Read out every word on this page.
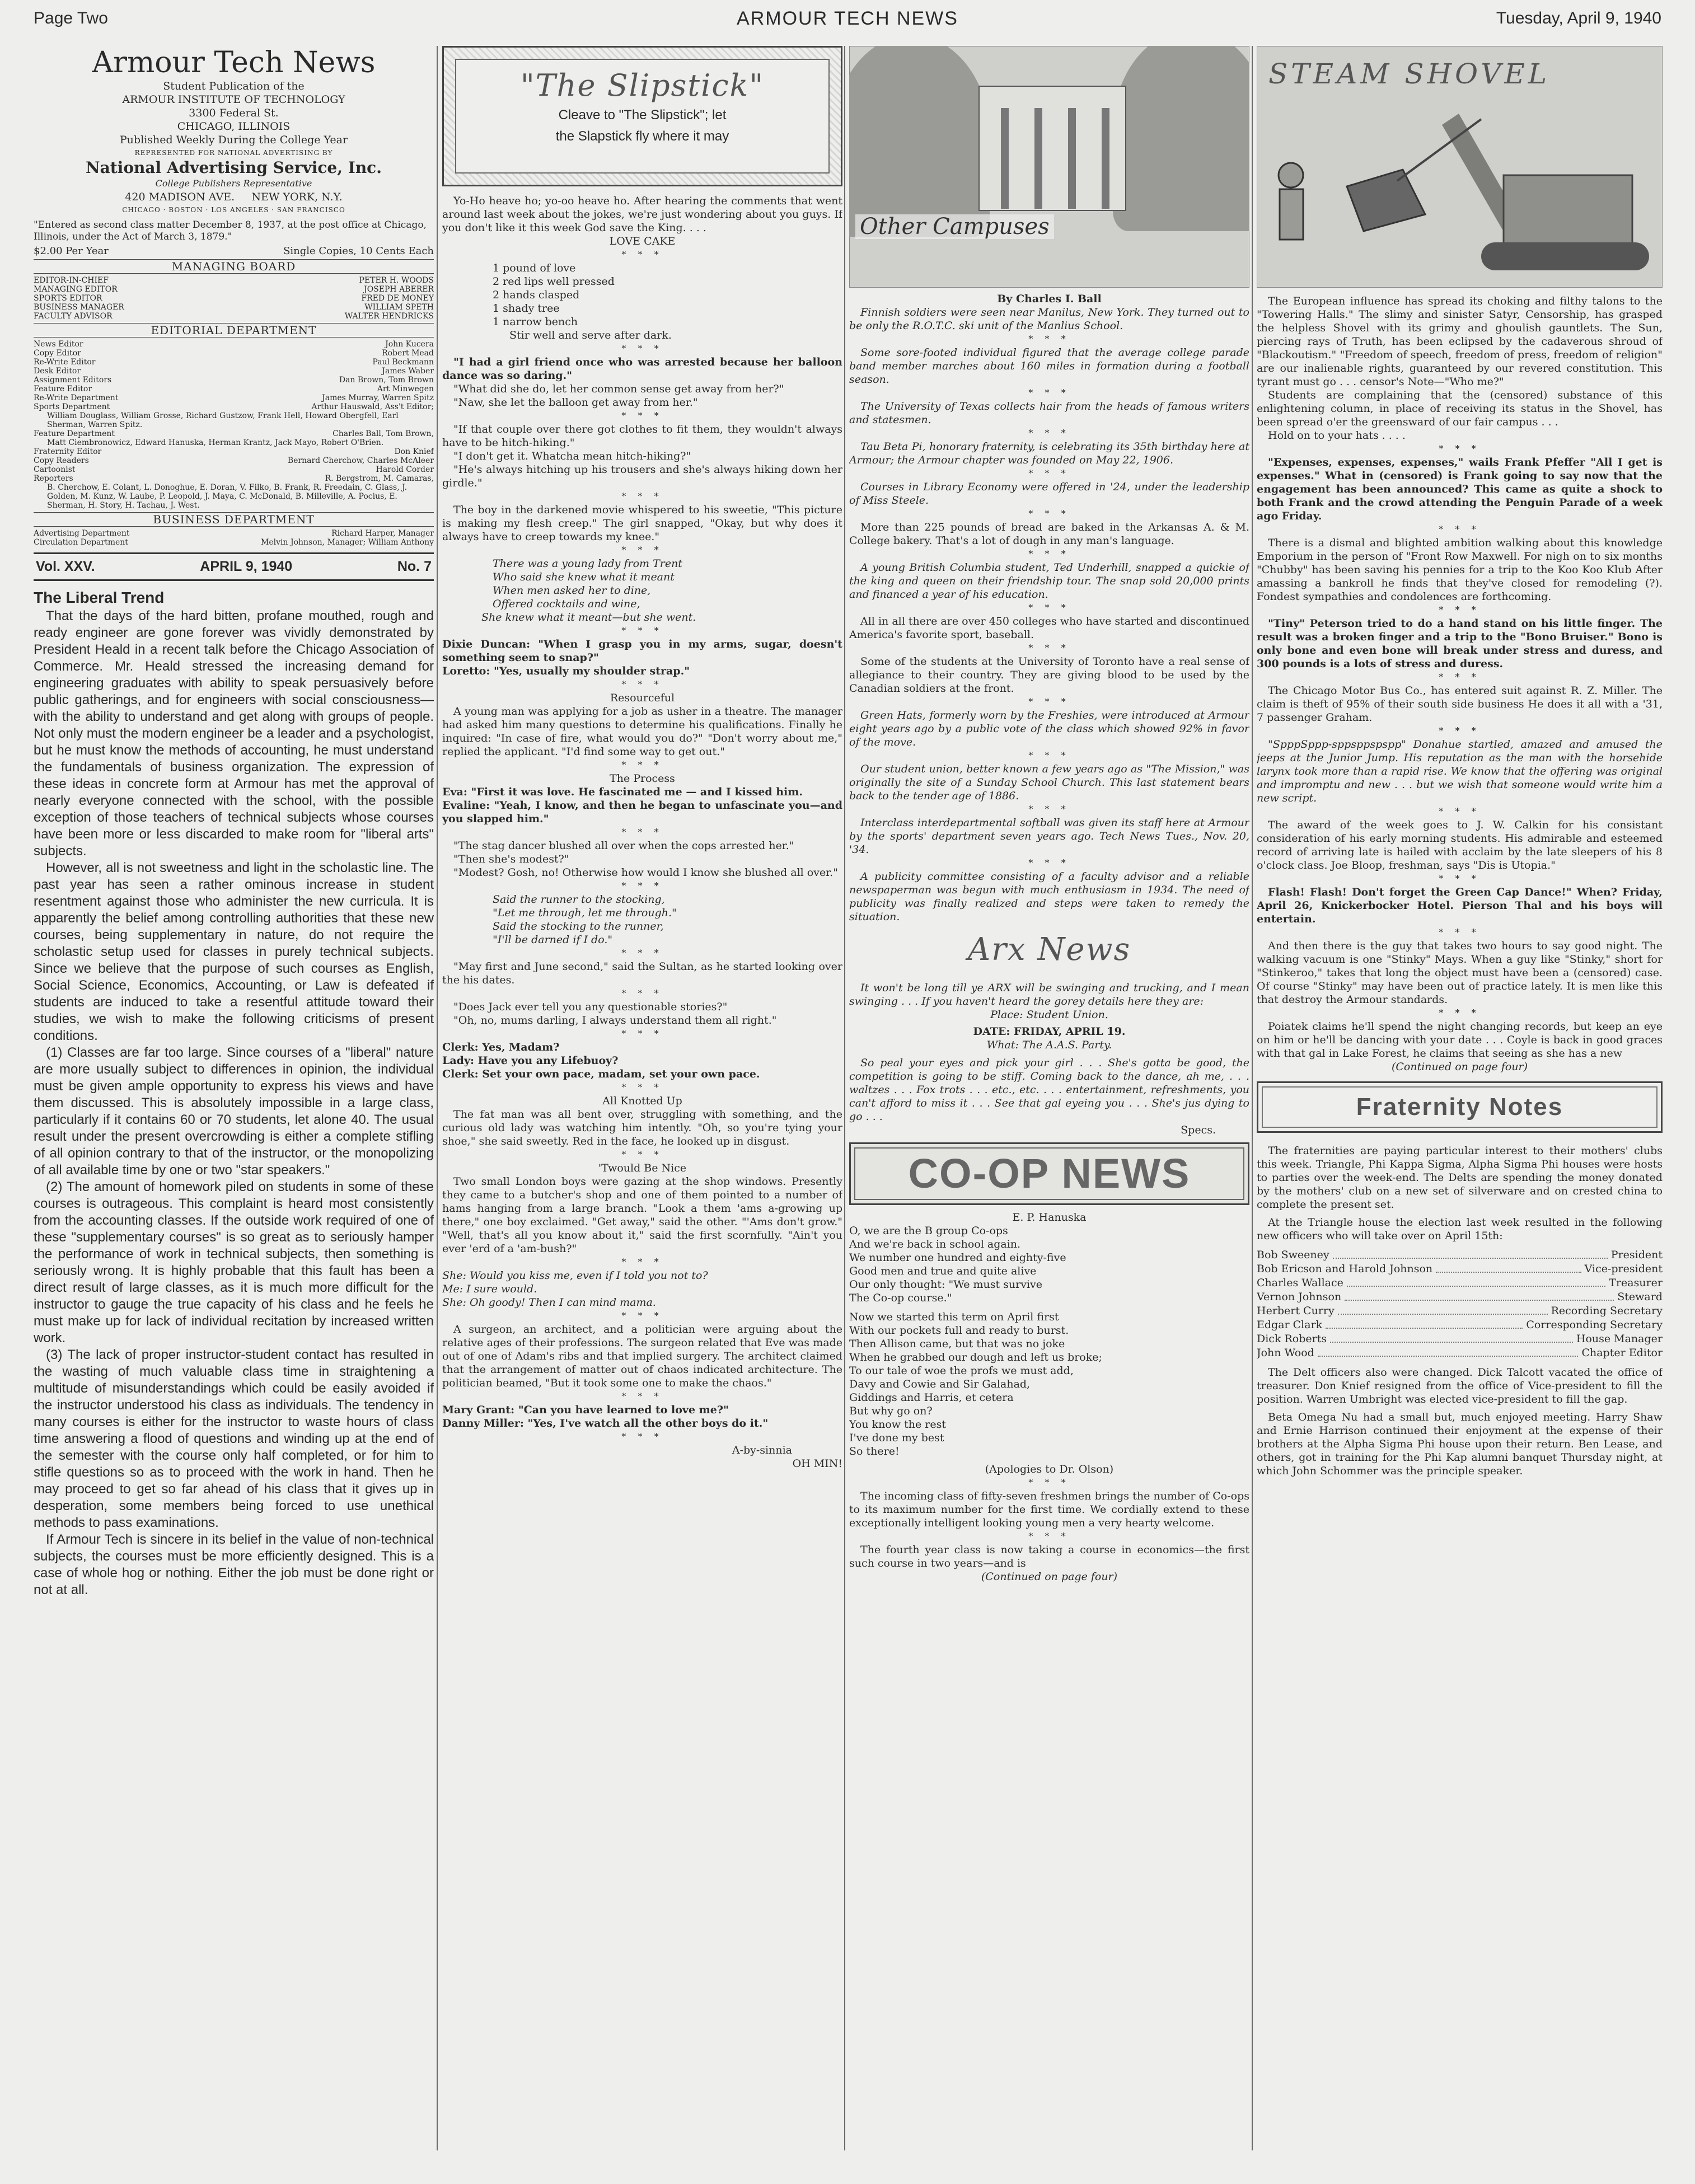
Page Two	ARMOUR TECH NEWS	Tuesday, April 9, 1940
Armour Tech News
Student Publication of the
ARMOUR INSTITUTE OF TECHNOLOGY
3300 Federal St.
CHICAGO, ILLINOIS
Published Weekly During the College Year
REPRESENTED FOR NATIONAL ADVERTISING BY
National Advertising Service, Inc.
College Publishers Representative
420 MADISON AVE.     NEW YORK, N.Y.
CHICAGO · BOSTON · LOS ANGELES · SAN FRANCISCO
"Entered as second class matter December 8, 1937, at the post office at Chicago, Illinois, under the Act of March 3, 1879."
$2.00 Per Year	Single Copies, 10 Cents Each
MANAGING BOARD
EDITOR-IN-CHIEF	PETER H. WOODS
MANAGING EDITOR	JOSEPH ABERER
SPORTS EDITOR	FRED DE MONEY
BUSINESS MANAGER	WILLIAM SPETH
FACULTY ADVISOR	WALTER HENDRICKS
EDITORIAL DEPARTMENT
News Editor	John Kucera
Copy Editor	Robert Mead
Re-Write Editor	Paul Beckmann
Desk Editor	James Waber
Assignment Editors	Dan Brown, Tom Brown
Feature Editor	Art Minwegen
Re-Write Department	James Murray, Warren Spitz
Sports Department	Arthur Hauswald, Ass't Editor;
William Douglass, William Grosse, Richard Gustzow, Frank Hell, Howard Obergfell, Earl Sherman, Warren Spitz.
Feature Department	Charles Ball, Tom Brown,
Matt Ciembronowicz, Edward Hanuska, Herman Krantz, Jack Mayo, Robert O'Brien.
Fraternity Editor	Don Knief
Copy Readers	Bernard Cherchow, Charles McAleer
Cartoonist	Harold Corder
Reporters	R. Bergstrom, M. Camaras,
B. Cherchow, E. Colant, L. Donoghue, E. Doran, V. Filko, B. Frank, R. Freedain, C. Glass, J. Golden, M. Kunz, W. Laube, P. Leopold, J. Maya, C. McDonald, B. Milleville, A. Pocius, E. Sherman, H. Story, H. Tachau, J. West.
BUSINESS DEPARTMENT
Advertising Department	Richard Harper, Manager
Circulation Department	Melvin Johnson, Manager; William Anthony
Vol. XXV.	APRIL 9, 1940	No. 7
The Liberal Trend

That the days of the hard bitten, profane mouthed, rough and ready engineer are gone forever was vividly demonstrated by President Heald in a recent talk before the Chicago Association of Commerce. Mr. Heald stressed the increasing demand for engineering graduates with ability to speak persuasively before public gatherings, and for engineers with social consciousness—with the ability to understand and get along with groups of people. Not only must the modern engineer be a leader and a psychologist, but he must know the methods of accounting, he must understand the fundamentals of business organization. The expression of these ideas in concrete form at Armour has met the approval of nearly everyone connected with the school, with the possible exception of those teachers of technical subjects whose courses have been more or less discarded to make room for "liberal arts" subjects.

However, all is not sweetness and light in the scholastic line. The past year has seen a rather ominous increase in student resentment against those who administer the new curricula. It is apparently the belief among controlling authorities that these new courses, being supplementary in nature, do not require the scholastic setup used for classes in purely technical subjects. Since we believe that the purpose of such courses as English, Social Science, Economics, Accounting, or Law is defeated if students are induced to take a resentful attitude toward their studies, we wish to make the following criticisms of present conditions.

(1) Classes are far too large. Since courses of a "liberal" nature are more usually subject to differences in opinion, the individual must be given ample opportunity to express his views and have them discussed. This is absolutely impossible in a large class, particularly if it contains 60 or 70 students, let alone 40. The usual result under the present overcrowding is either a complete stifling of all opinion contrary to that of the instructor, or the monopolizing of all available time by one or two "star speakers."

(2) The amount of homework piled on students in some of these courses is outrageous. This complaint is heard most consistently from the accounting classes. If the outside work required of one of these "supplementary courses" is so great as to seriously hamper the performance of work in technical subjects, then something is seriously wrong. It is highly probable that this fault has been a direct result of large classes, as it is much more difficult for the instructor to gauge the true capacity of his class and he feels he must make up for lack of individual recitation by increased written work.

(3) The lack of proper instructor-student contact has resulted in the wasting of much valuable class time in straightening a multitude of misunderstandings which could be easily avoided if the instructor understood his class as individuals. The tendency in many courses is either for the instructor to waste hours of class time answering a flood of questions and winding up at the end of the semester with the course only half completed, or for him to stifle questions so as to proceed with the work in hand. Then he may proceed to get so far ahead of his class that it gives up in desperation, some members being forced to use unethical methods to pass examinations.

If Armour Tech is sincere in its belief in the value of non-technical subjects, the courses must be more efficiently designed. This is a case of whole hog or nothing. Either the job must be done right or not at all.

"The Slipstick"
Cleave to "The Slipstick"; let
the Slapstick fly where it may

Yo-Ho heave ho; yo-oo heave ho. After hearing the comments that went around last week about the jokes, we're just wondering about you guys. If you don't like it this week God save the King. . . .

LOVE CAKE

* * *

1 pound of love

2 red lips well pressed

2 hands clasped

1 shady tree

1 narrow bench

Stir well and serve after dark.

* * *

"I had a girl friend once who was arrested because her balloon dance was so daring."

"What did she do, let her common sense get away from her?"

"Naw, she let the balloon get away from her."

* * *

"If that couple over there got clothes to fit them, they wouldn't always have to be hitch-hiking."

"I don't get it. Whatcha mean hitch-hiking?"

"He's always hitching up his trousers and she's always hiking down her girdle."

* * *

The boy in the darkened movie whispered to his sweetie, "This picture is making my flesh creep." The girl snapped, "Okay, but why does it always have to creep towards my knee."

* * *

There was a young lady from Trent

Who said she knew what it meant

When men asked her to dine,

Offered cocktails and wine,

She knew what it meant—but she went.

* * *

Dixie Duncan: "When I grasp you in my arms, sugar, doesn't something seem to snap?"

Loretto: "Yes, usually my shoulder strap."

* * *

Resourceful

A young man was applying for a job as usher in a theatre. The manager had asked him many questions to determine his qualifications. Finally he inquired: "In case of fire, what would you do?" "Don't worry about me," replied the applicant. "I'd find some way to get out."

* * *

The Process

Eva: "First it was love. He fascinated me — and I kissed him.

Evaline: "Yeah, I know, and then he began to unfascinate you—and you slapped him."

* * *

"The stag dancer blushed all over when the cops arrested her."

"Then she's modest?"

"Modest? Gosh, no! Otherwise how would I know she blushed all over."

* * *

Said the runner to the stocking,

"Let me through, let me through."

Said the stocking to the runner,

"I'll be darned if I do."

* * *

"May first and June second," said the Sultan, as he started looking over the his dates.

* * *

"Does Jack ever tell you any questionable stories?"

"Oh, no, mums darling, I always understand them all right."

* * *

Clerk: Yes, Madam?

Lady: Have you any Lifebuoy?

Clerk: Set your own pace, madam, set your own pace.

* * *

All Knotted Up

The fat man was all bent over, struggling with something, and the curious old lady was watching him intently. "Oh, so you're tying your shoe," she said sweetly. Red in the face, he looked up in disgust.

* * *

'Twould Be Nice

Two small London boys were gazing at the shop windows. Presently they came to a butcher's shop and one of them pointed to a number of hams hanging from a large branch. "Look a them 'ams a-growing up there," one boy exclaimed. "Get away," said the other. "'Ams don't grow." "Well, that's all you know about it," said the first scornfully. "Ain't you ever 'erd of a 'am-bush?"

* * *

She: Would you kiss me, even if I told you not to?

Me: I sure would.

She: Oh goody! Then I can mind mama.

* * *

A surgeon, an architect, and a politician were arguing about the relative ages of their professions. The surgeon related that Eve was made out of one of Adam's ribs and that implied surgery. The architect claimed that the arrangement of matter out of chaos indicated architecture. The politician beamed, "But it took some one to make the chaos."

* * *

Mary Grant: "Can you have learned to love me?"

Danny Miller: "Yes, I've watch all the other boys do it."

* * *

A-by-sinnia

OH MIN!

Other Campuses

By Charles I. Ball

Finnish soldiers were seen near Manilus, New York. They turned out to be only the R.O.T.C. ski unit of the Manlius School.

* * *

Some sore-footed individual figured that the average college parade band member marches about 160 miles in formation during a football season.

* * *

The University of Texas collects hair from the heads of famous writers and statesmen.

* * *

Tau Beta Pi, honorary fraternity, is celebrating its 35th birthday here at Armour; the Armour chapter was founded on May 22, 1906.

* * *

Courses in Library Economy were offered in '24, under the leadership of Miss Steele.

* * *

More than 225 pounds of bread are baked in the Arkansas A. & M. College bakery. That's a lot of dough in any man's language.

* * *

A young British Columbia student, Ted Underhill, snapped a quickie of the king and queen on their friendship tour. The snap sold 20,000 prints and financed a year of his education.

* * *

All in all there are over 450 colleges who have started and discontinued America's favorite sport, baseball.

* * *

Some of the students at the University of Toronto have a real sense of allegiance to their country. They are giving blood to be used by the Canadian soldiers at the front.

* * *

Green Hats, formerly worn by the Freshies, were introduced at Armour eight years ago by a public vote of the class which showed 92% in favor of the move.

* * *

Our student union, better known a few years ago as "The Mission," was originally the site of a Sunday School Church. This last statement bears back to the tender age of 1886.

* * *

Interclass interdepartmental softball was given its staff here at Armour by the sports' department seven years ago. Tech News Tues., Nov. 20, '34.

* * *

A publicity committee consisting of a faculty advisor and a reliable newspaperman was begun with much enthusiasm in 1934. The need of publicity was finally realized and steps were taken to remedy the situation.

Arx News

It won't be long till ye ARX will be swinging and trucking, and I mean swinging . . . If you haven't heard the gorey details here they are:

Place: Student Union.

DATE: FRIDAY, APRIL 19.

What: The A.A.S. Party.

So peal your eyes and pick your girl . . . She's gotta be good, the competition is going to be stiff. Coming back to the dance, ah me, . . . waltzes . . . Fox trots . . . etc., etc. . . . entertainment, refreshments, you can't afford to miss it . . . See that gal eyeing you . . . She's jus dying to go . . .

Specs.

CO-OP NEWS

E. P. Hanuska

O, we are the B group Co-ops

And we're back in school again.

We number one hundred and eighty-five

Good men and true and quite alive

Our only thought: "We must survive

The Co-op course."

Now we started this term on April first

With our pockets full and ready to burst.

Then Allison came, but that was no joke

When he grabbed our dough and left us broke;

To our tale of woe the profs we must add,

Davy and Cowie and Sir Galahad,

Giddings and Harris, et cetera

But why go on?

You know the rest

I've done my best

So there!

(Apologies to Dr. Olson)

* * *

The incoming class of fifty-seven freshmen brings the number of Co-ops to its maximum number for the first time. We cordially extend to these exceptionally intelligent looking young men a very hearty welcome.

* * *

The fourth year class is now taking a course in economics—the first such course in two years—and is

(Continued on page four)

STEAM SHOVEL

The European influence has spread its choking and filthy talons to the "Towering Halls." The slimy and sinister Satyr, Censorship, has grasped the helpless Shovel with its grimy and ghoulish gauntlets. The Sun, piercing rays of Truth, has been eclipsed by the cadaverous shroud of "Blackoutism." "Freedom of speech, freedom of press, freedom of religion" are our inalienable rights, guaranteed by our revered constitution. This tyrant must go . . . censor's Note—"Who me?"

Students are complaining that the (censored) substance of this enlightening column, in place of receiving its status in the Shovel, has been spread o'er the greensward of our fair campus . . .

Hold on to your hats . . . .

* * *

"Expenses, expenses, expenses," wails Frank Pfeffer "All I get is expenses." What in (censored) is Frank going to say now that the engagement has been announced? This came as quite a shock to both Frank and the crowd attending the Penguin Parade of a week ago Friday.

* * *

There is a dismal and blighted ambition walking about this knowledge Emporium in the person of "Front Row Maxwell. For nigh on to six months "Chubby" has been saving his pennies for a trip to the Koo Koo Klub After amassing a bankroll he finds that they've closed for remodeling (?). Fondest sympathies and condolences are forthcoming.

* * *

"Tiny" Peterson tried to do a hand stand on his little finger. The result was a broken finger and a trip to the "Bono Bruiser." Bono is only bone and even bone will break under stress and duress, and 300 pounds is a lots of stress and duress.

* * *

The Chicago Motor Bus Co., has entered suit against R. Z. Miller. The claim is theft of 95% of their south side business He does it all with a '31, 7 passenger Graham.

* * *

"SpppSppp-sppsppspspp" Donahue startled, amazed and amused the jeeps at the Junior Jump. His reputation as the man with the horsehide larynx took more than a rapid rise. We know that the offering was original and impromptu and new . . . but we wish that someone would write him a new script.

* * *

The award of the week goes to J. W. Calkin for his consistant consideration of his early morning students. His admirable and esteemed record of arriving late is hailed with acclaim by the late sleepers of his 8 o'clock class. Joe Bloop, freshman, says "Dis is Utopia."

* * *

Flash! Flash! Don't forget the Green Cap Dance!" When? Friday, April 26, Knickerbocker Hotel. Pierson Thal and his boys will entertain.

* * *

And then there is the guy that takes two hours to say good night. The walking vacuum is one "Stinky" Mays. When a guy like "Stinky," short for "Stinkeroo," takes that long the object must have been a (censored) case. Of course "Stinky" may have been out of practice lately. It is men like this that destroy the Armour standards.

* * *

Poiatek claims he'll spend the night changing records, but keep an eye on him or he'll be dancing with your date . . . Coyle is back in good graces with that gal in Lake Forest, he claims that seeing as she has a new

(Continued on page four)

Fraternity Notes

The fraternities are paying particular interest to their mothers' clubs this week. Triangle, Phi Kappa Sigma, Alpha Sigma Phi houses were hosts to parties over the week-end. The Delts are spending the money donated by the mothers' club on a new set of silverware and on crested china to complete the present set.

At the Triangle house the election last week resulted in the following new officers who will take over on April 15th:

Bob Sweeney	President
Bob Ericson and Harold Johnson	Vice-president
Charles Wallace	Treasurer
Vernon Johnson	Steward
Herbert Curry	Recording Secretary
Edgar Clark	Corresponding Secretary
Dick Roberts	House Manager
John Wood	Chapter Editor

The Delt officers also were changed. Dick Talcott vacated the office of treasurer. Don Knief resigned from the office of Vice-president to fill the position. Warren Umbright was elected vice-president to fill the gap.

Beta Omega Nu had a small but, much enjoyed meeting. Harry Shaw and Ernie Harrison continued their enjoyment at the expense of their brothers at the Alpha Sigma Phi house upon their return. Ben Lease, and others, got in training for the Phi Kap alumni banquet Thursday night, at which John Schommer was the principle speaker.
